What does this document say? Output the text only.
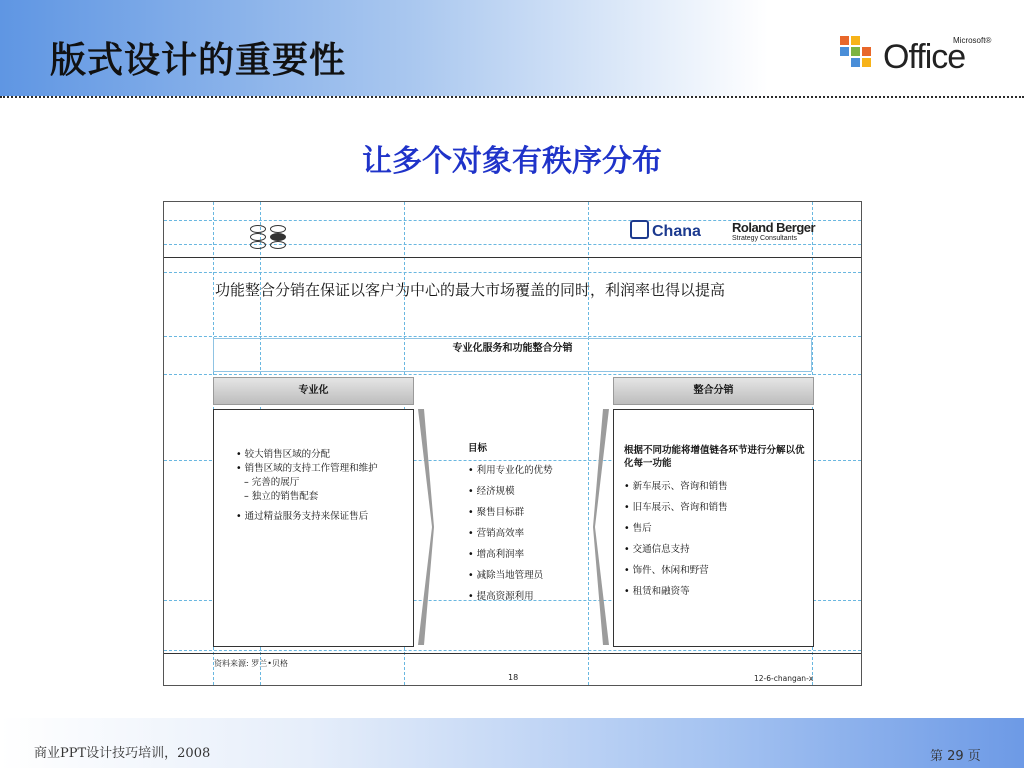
版式设计的重要性	Office
Microsoft®
让多个对象有秩序分布
Chana Roland Berger
Strategy Consultants
功能整合分销在保证以客户为中心的最大市场覆盖的同时，利润率也得以提高
专业化服务和功能整合分销
专业化	整合分销
• 较大销售区域的分配
• 销售区域的支持工作管理和维护
– 完善的展厅
– 独立的销售配套
• 通过精益服务支持来保证售后
目标
• 利用专业化的优势
• 经济规模
• 聚售目标群
• 营销高效率
• 增高利润率
• 减除当地管理员
• 提高资源利用
根据不同功能将增值链各环节进行分解以优化每一功能
• 新车展示、咨询和销售
• 旧车展示、咨询和销售
• 售后
• 交通信息支持
• 饰件、休闲和野营
• 租赁和融资等
资料来源: 罗兰•贝格
18	12-6-changan-x
商业PPT设计技巧培训，2008	第 29 页
